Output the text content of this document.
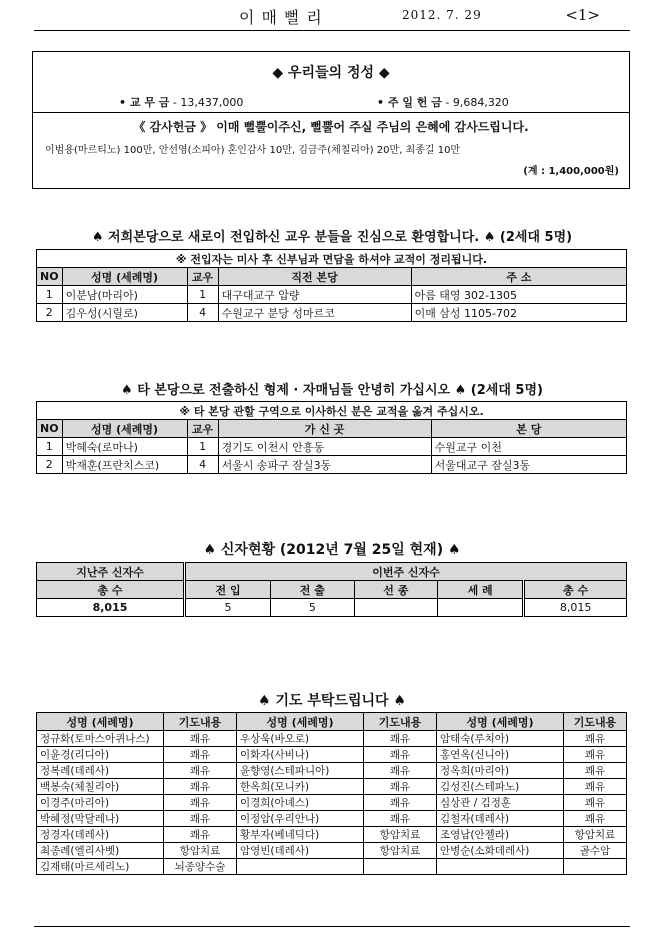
이매뻘리	2012. 7. 29	<1>
◆ 우리들의 정성 ◆
• 교 무 금 - 13,437,000	• 주 일 헌 금 - 9,684,320
《 감사헌금 》 이매 뻘뿔이주신, 뻘뿔어 주실 주님의 은혜에 감사드립니다.
이범용(마르티노) 100만, 안선영(소피아) 혼인감사 10만, 김금주(체칠리아) 20만, 최종길 10만
(계 : 1,400,000원)
♠ 저희본당으로 새로이 전입하신 교우 분들을 진심으로 환영합니다. ♠ (2세대 5명)
※ 전입자는 미사 후 신부님과 면담을 하셔야 교적이 정리됩니다.				
NO	성명 (세례명)	교우	직전 본당	주 소
1	이분남(마리아)	1	대구대교구 압량	아름 태영 302-1305
2	김우성(시릴로)	4	수원교구 분당 성마르코	이매 삼성 1105-702
♠ 타 본당으로 전출하신 형제 · 자매님들 안녕히 가십시오 ♠ (2세대 5명)
※ 타 본당 관할 구역으로 이사하신 분은 교적을 옮겨 주십시오.				
NO	성명 (세례명)	교우	가 신 곳	본 당
1	박혜숙(로마나)	1	경기도 이천시 안흥동	수원교구 이천
2	박재훈(프란치스코)	4	서울시 송파구 잠실3동	서울대교구 잠실3동
♠ 신자현황 (2012년 7월 25일 현재) ♠
지난주 신자수	이번주 신자수				
총 수	전 입	전 출	선 종	세 례	총 수
8,015	5	5			8,015
♠ 기도 부탁드립니다 ♠
성명 (세례명)	기도내용	성명 (세례명)	기도내용	성명 (세례명)	기도내용
정규화(토마스아퀴나스)	쾌유	우상욱(바오로)	쾌유	암태숙(루치아)	쾌유
이윤경(리디아)	쾌유	이화자(사비나)	쾌유	홍연옥(신니아)	쾌유
정복례(데레사)	쾌유	윤향영(스테파니아)	쾌유	정옥희(마리아)	쾌유
백봉숙(체칠리아)	쾌유	한옥희(모니카)	쾌유	김성진(스테파노)	쾌유
이경주(마리아)	쾌유	이경희(아녜스)	쾌유	심상관 / 김정훈	쾌유
박혜정(막달레나)	쾌유	이정암(우리안나)	쾌유	김철자(데레사)	쾌유
정경자(데레사)	쾌유	황부자(베네딕다)	항암치료	조영남(안젤라)	항암치료
최종례(엘리사벳)	항암치료	암영빈(데레사)	항암치료	안병순(소화데레사)	골수암
김재태(마르세리노)	뇌종양수술				
